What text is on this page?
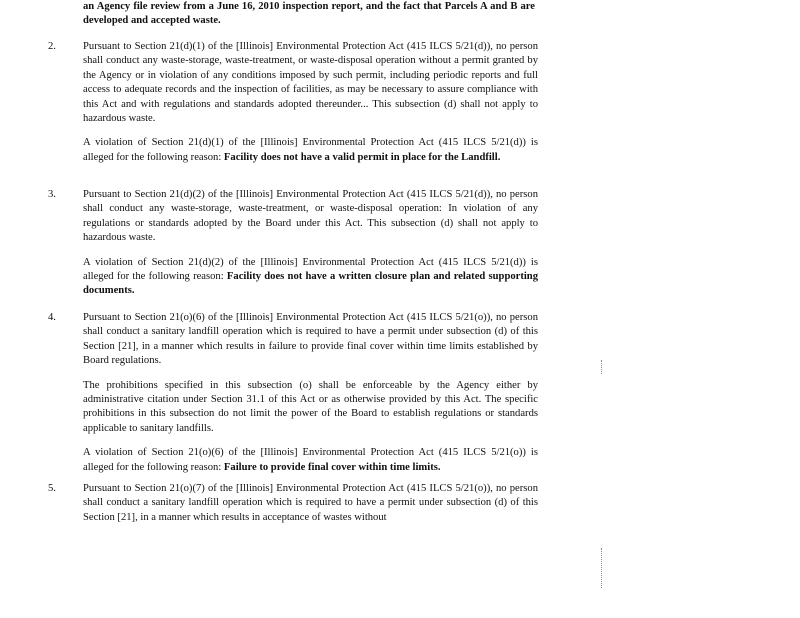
an Agency file review from a June 16, 2010 inspection report, and the fact that Parcels A and B are developed and accepted waste.
2.	Pursuant to Section 21(d)(1) of the [Illinois] Environmental Protection Act (415 ILCS 5/21(d)), no person shall conduct any waste-storage, waste-treatment, or waste-disposal operation without a permit granted by the Agency or in violation of any conditions imposed by such permit, including periodic reports and full access to adequate records and the inspection of facilities, as may be necessary to assure compliance with this Act and with regulations and standards adopted thereunder... This subsection (d) shall not apply to hazardous waste.
A violation of Section 21(d)(1) of the [Illinois] Environmental Protection Act (415 ILCS 5/21(d)) is alleged for the following reason: Facility does not have a valid permit in place for the Landfill.
3.	Pursuant to Section 21(d)(2) of the [Illinois] Environmental Protection Act (415 ILCS 5/21(d)), no person shall conduct any waste-storage, waste-treatment, or waste-disposal operation: In violation of any regulations or standards adopted by the Board under this Act. This subsection (d) shall not apply to hazardous waste.
A violation of Section 21(d)(2) of the [Illinois] Environmental Protection Act (415 ILCS 5/21(d)) is alleged for the following reason: Facility does not have a written closure plan and related supporting documents.
4.	Pursuant to Section 21(o)(6) of the [Illinois] Environmental Protection Act (415 ILCS 5/21(o)), no person shall conduct a sanitary landfill operation which is required to have a permit under subsection (d) of this Section [21], in a manner which results in failure to provide final cover within time limits established by Board regulations.
The prohibitions specified in this subsection (o) shall be enforceable by the Agency either by administrative citation under Section 31.1 of this Act or as otherwise provided by this Act. The specific prohibitions in this subsection do not limit the power of the Board to establish regulations or standards applicable to sanitary landfills.
A violation of Section 21(o)(6) of the [Illinois] Environmental Protection Act (415 ILCS 5/21(o)) is alleged for the following reason: Failure to provide final cover within time limits.
5.	Pursuant to Section 21(o)(7) of the [Illinois] Environmental Protection Act (415 ILCS 5/21(o)), no person shall conduct a sanitary landfill operation which is required to have a permit under subsection (d) of this Section [21], in a manner which results in acceptance of wastes without
